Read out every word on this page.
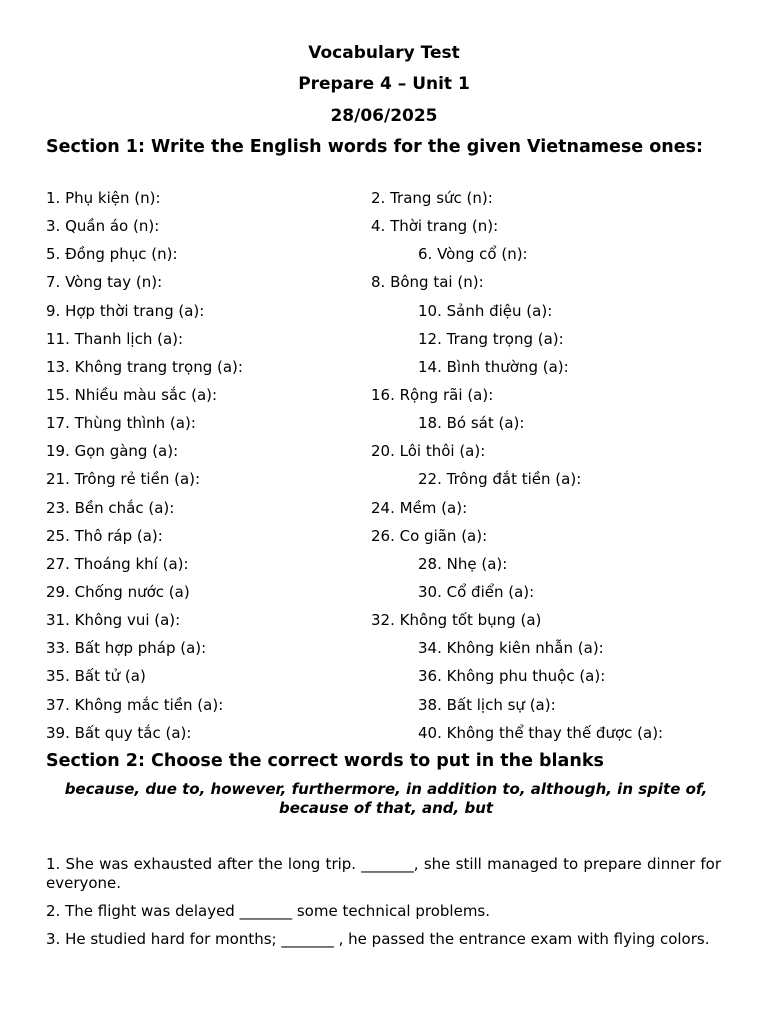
Vocabulary Test
Prepare 4 – Unit 1
28/06/2025
Section 1: Write the English words for the given Vietnamese ones:
1. Phụ kiện (n):	2. Trang sức (n):
3. Quần áo (n):	4. Thời trang (n):
5. Đồng phục (n):	6. Vòng cổ (n):
7. Vòng tay (n):	8. Bông tai (n):
9. Hợp thời trang (a):	10. Sảnh điệu (a):
11. Thanh lịch (a):	12. Trang trọng (a):
13. Không trang trọng (a):	14. Bình thường (a):
15. Nhiều màu sắc (a):	16. Rộng rãi (a):
17. Thùng thình (a):	18. Bó sát (a):
19. Gọn gàng (a):	20. Lôi thôi (a):
21. Trông rẻ tiền (a):	22. Trông đắt tiền (a):
23. Bền chắc (a):	24. Mềm (a):
25. Thô ráp (a):	26. Co giãn (a):
27. Thoáng khí (a):	28. Nhẹ (a):
29. Chống nước (a)	30. Cổ điển (a):
31. Không vui (a):	32. Không tốt bụng (a)
33. Bất hợp pháp (a):	34. Không kiên nhẫn (a):
35. Bất tử (a)	36. Không phu thuộc (a):
37. Không mắc tiền (a):	38. Bất lịch sự (a):
39. Bất quy tắc (a):	40. Không thể thay thế được (a):
Section 2: Choose the correct words to put in the blanks
because, due to, however, furthermore, in addition to, although, in spite of, because of that, and, but
1. She was exhausted after the long trip. _______, she still managed to prepare dinner for everyone.
2. The flight was delayed _______ some technical problems.
3. He studied hard for months; _______ , he passed the entrance exam with flying colors.
